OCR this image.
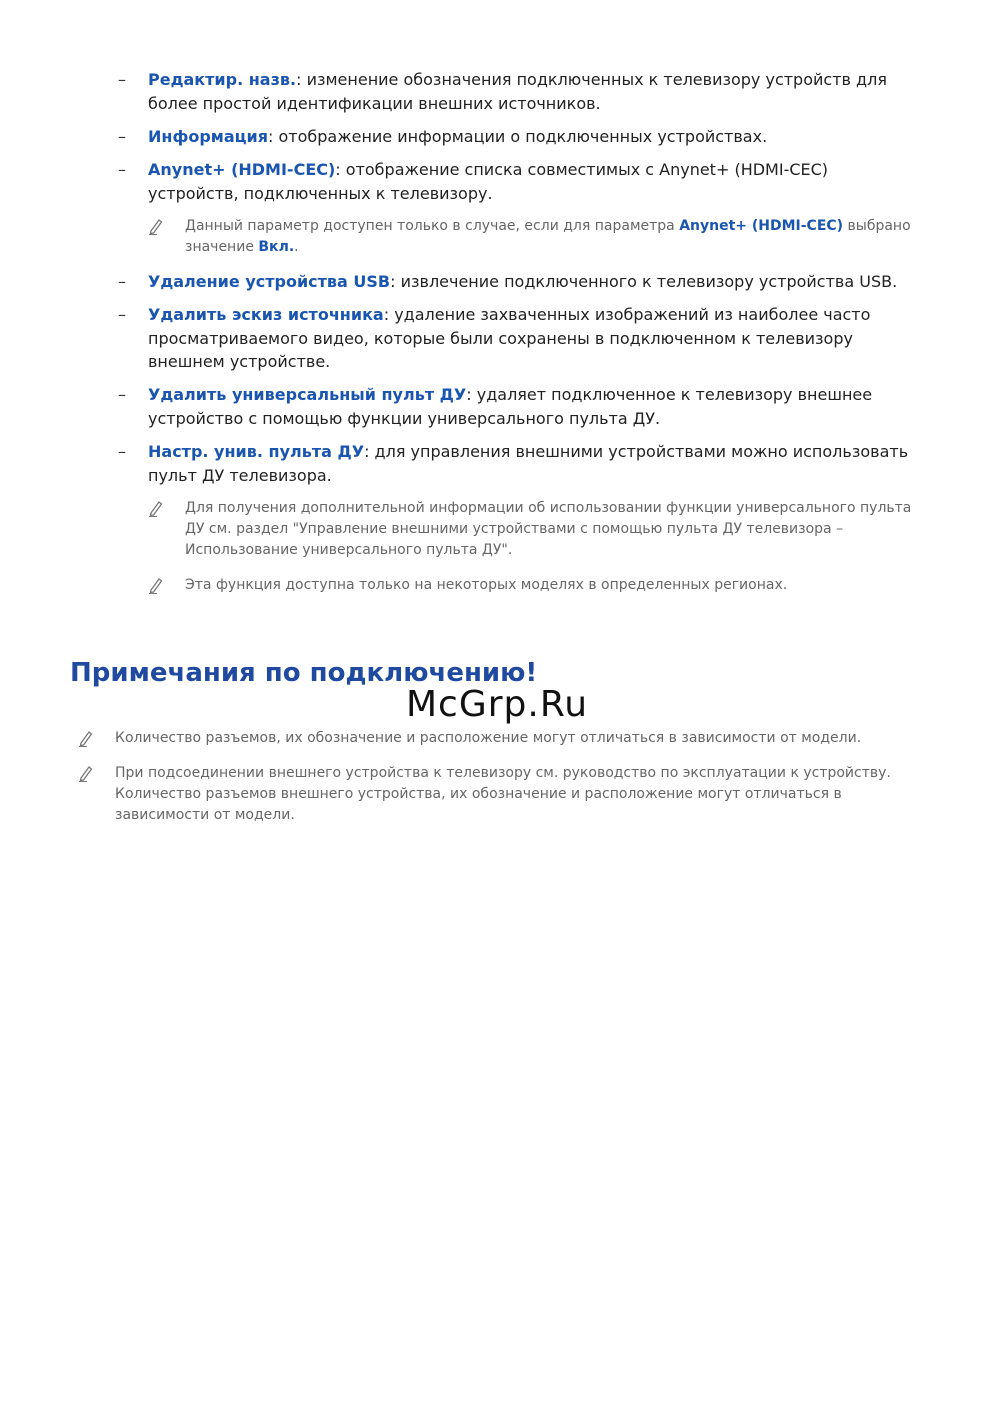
–	Редактир. назв.: изменение обозначения подключенных к телевизору устройств для более простой идентификации внешних источников.
–	Информация: отображение информации о подключенных устройствах.
–	Anynet+ (HDMI-CEC): отображение списка совместимых с Anynet+ (HDMI-CEC) устройств, подключенных к телевизору.
Данный параметр доступен только в случае, если для параметра Anynet+ (HDMI-CEC) выбрано значение Вкл..
–	Удаление устройства USB: извлечение подключенного к телевизору устройства USB.
–	Удалить эскиз источника: удаление захваченных изображений из наиболее часто просматриваемого видео, которые были сохранены в подключенном к телевизору внешнем устройстве.
–	Удалить универсальный пульт ДУ: удаляет подключенное к телевизору внешнее устройство с помощью функции универсального пульта ДУ.
–	Настр. унив. пульта ДУ: для управления внешними устройствами можно использовать пульт ДУ телевизора.
Для получения дополнительной информации об использовании функции универсального пульта ДУ см. раздел "Управление внешними устройствами с помощью пульта ДУ телевизора – Использование универсального пульта ДУ".
Эта функция доступна только на некоторых моделях в определенных регионах.
Примечания по подключению!
McGrp.Ru
Количество разъемов, их обозначение и расположение могут отличаться в зависимости от модели.
При подсоединении внешнего устройства к телевизору см. руководство по эксплуатации к устройству. Количество разъемов внешнего устройства, их обозначение и расположение могут отличаться в зависимости от модели.
